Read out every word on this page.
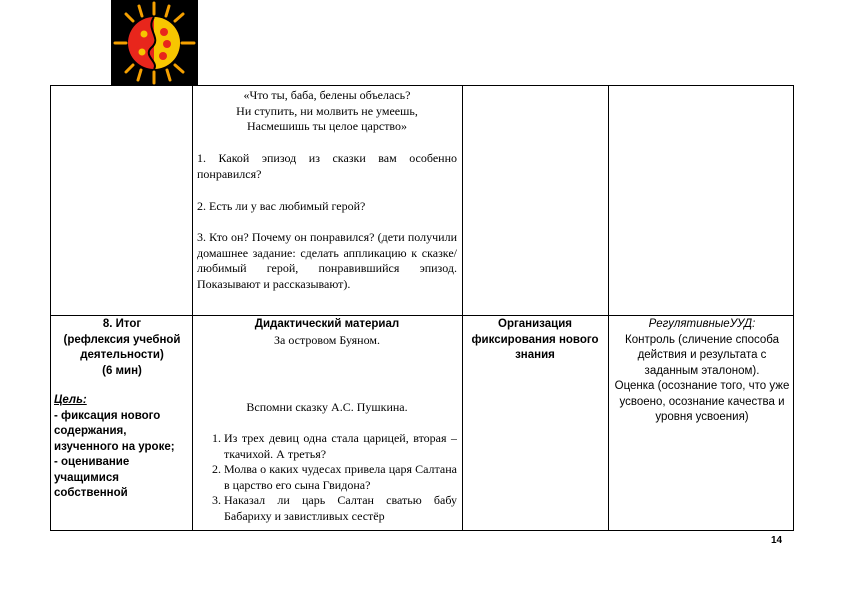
«Что ты, баба, белены объелась?

Ни ступить, ни молвить не умеешь,

Насмешишь ты целое царство»

1. Какой эпизод из сказки вам особенно понравился?
2. Есть ли у вас любимый герой?
3. Кто он? Почему он понравился? (дети получили домашнее задание: сделать аппликацию к сказке/любимый герой, понравившийся эпизод. Показывают и рассказывают).

8. Итог

(рефлексия учебной деятельности)

(6 мин)

Цель:

- фиксация нового содержания, изученного на уроке;

- оценивание учащимися собственной

Дидактический материал
За островом Буяном.
Вспомни сказку А.С. Пушкина.
1. Из трех девиц одна стала царицей, вторая – ткачихой. А третья?
2. Молва о каких чудесах привела царя Салтана в царство его сына Гвидона?
3. Наказал ли царь Салтан сватью бабу Бабариху и завистливых сестёр
Организация фиксирования нового знания

РегулятивныеУУД:

Контроль (сличение способа действия и результата с заданным эталоном).

Оценка (осознание того, что уже усвоено, осознание качества и уровня усвоения)

14
